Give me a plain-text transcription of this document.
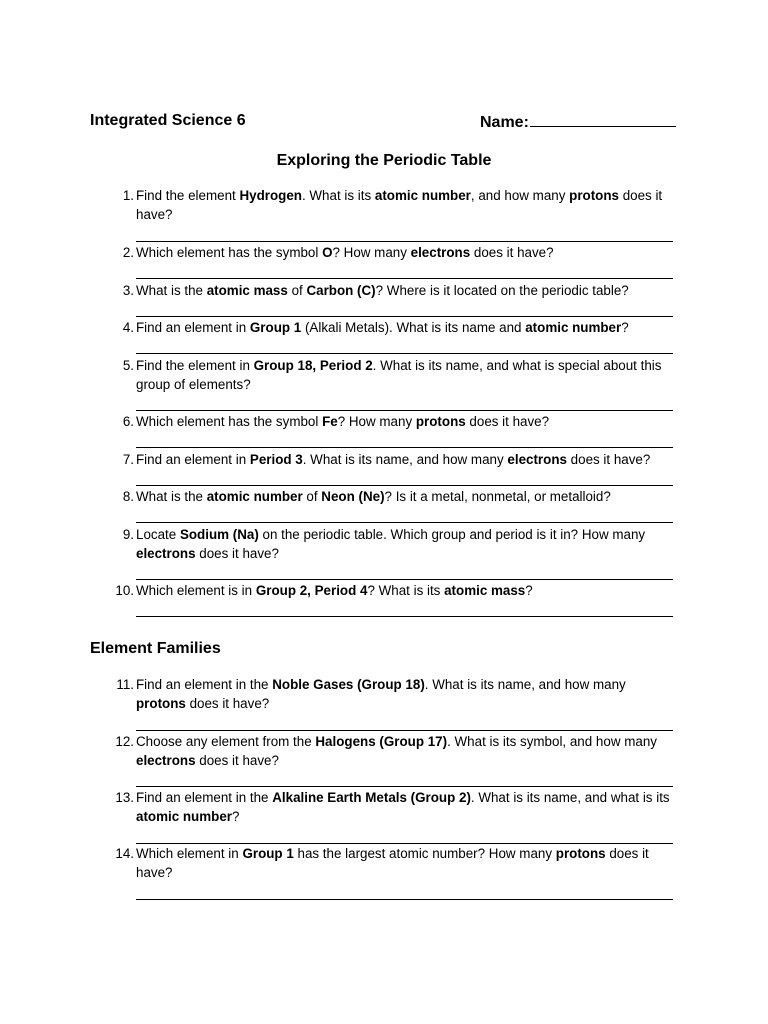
Integrated Science 6	Name:
Exploring the Periodic Table
Element Families
1. Find the element Hydrogen. What is its atomic number, and how many protons does it have?
2. Which element has the symbol O? How many electrons does it have?
3. What is the atomic mass of Carbon (C)? Where is it located on the periodic table?
4. Find an element in Group 1 (Alkali Metals). What is its name and atomic number?
5. Find the element in Group 18, Period 2. What is its name, and what is special about this group of elements?
6. Which element has the symbol Fe? How many protons does it have?
7. Find an element in Period 3. What is its name, and how many electrons does it have?
8. What is the atomic number of Neon (Ne)? Is it a metal, nonmetal, or metalloid?
9. Locate Sodium (Na) on the periodic table. Which group and period is it in? How many electrons does it have?
10. Which element is in Group 2, Period 4? What is its atomic mass?
11. Find an element in the Noble Gases (Group 18). What is its name, and how many protons does it have?
12. Choose any element from the Halogens (Group 17). What is its symbol, and how many electrons does it have?
13. Find an element in the Alkaline Earth Metals (Group 2). What is its name, and what is its atomic number?
14. Which element in Group 1 has the largest atomic number? How many protons does it have?
